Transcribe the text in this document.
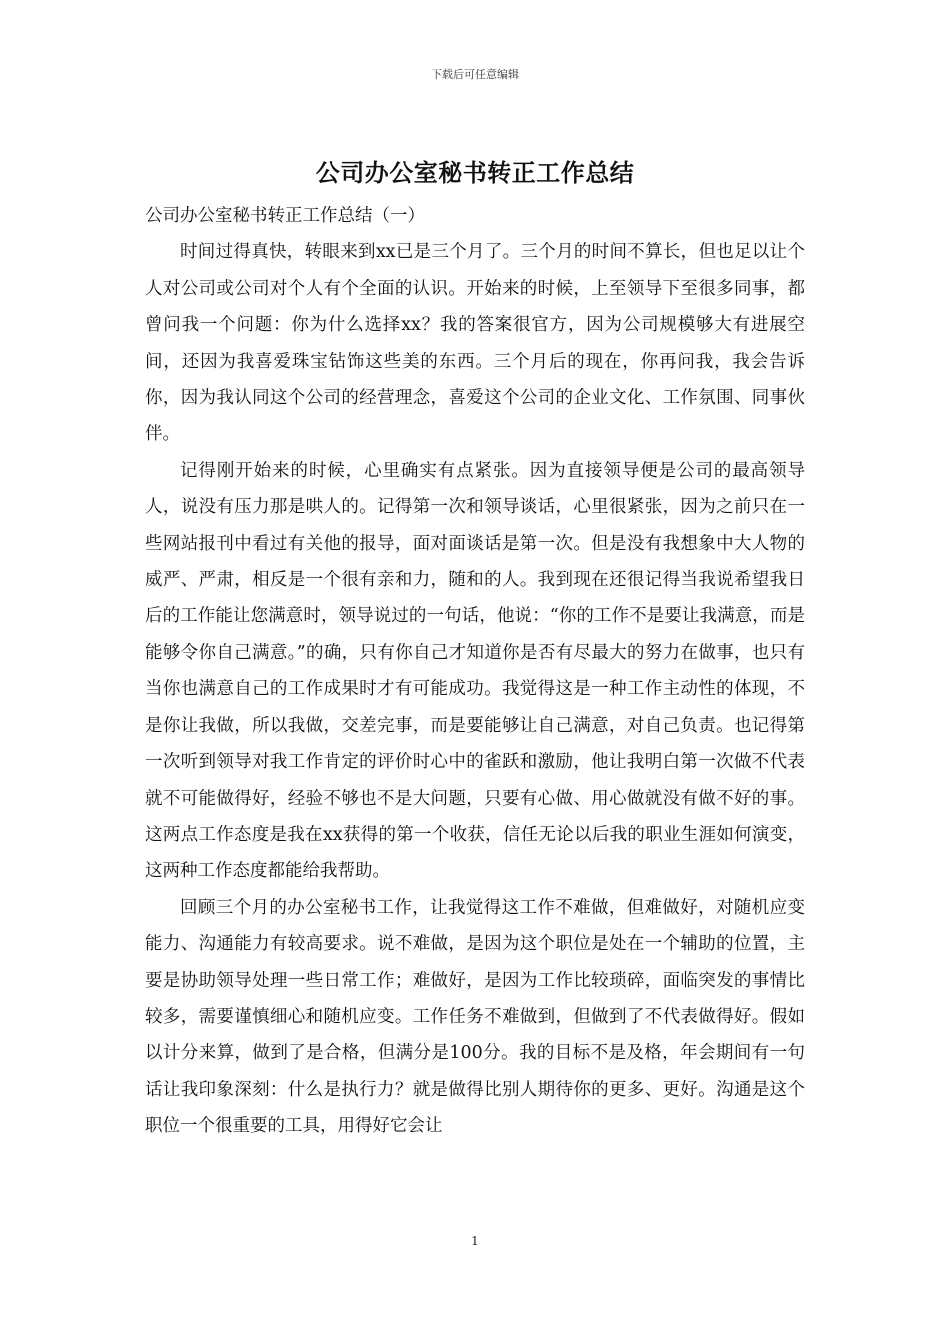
下载后可任意编辑
公司办公室秘书转正工作总结

公司办公室秘书转正工作总结（一）

时间过得真快，转眼来到xx已是三个月了。三个月的时间不算长，但也足以让个人对公司或公司对个人有个全面的认识。开始来的时候，上至领导下至很多同事，都曾问我一个问题：你为什么选择xx？我的答案很官方，因为公司规模够大有进展空间，还因为我喜爱珠宝钻饰这些美的东西。三个月后的现在，你再问我，我会告诉你，因为我认同这个公司的经营理念，喜爱这个公司的企业文化、工作氛围、同事伙伴。

记得刚开始来的时候，心里确实有点紧张。因为直接领导便是公司的最高领导人，说没有压力那是哄人的。记得第一次和领导谈话，心里很紧张，因为之前只在一些网站报刊中看过有关他的报导，面对面谈话是第一次。但是没有我想象中大人物的威严、严肃，相反是一个很有亲和力，随和的人。我到现在还很记得当我说希望我日后的工作能让您满意时，领导说过的一句话，他说：“你的工作不是要让我满意，而是能够令你自己满意。”的确，只有你自己才知道你是否有尽最大的努力在做事，也只有当你也满意自己的工作成果时才有可能成功。我觉得这是一种工作主动性的体现，不是你让我做，所以我做，交差完事，而是要能够让自己满意，对自己负责。也记得第一次听到领导对我工作肯定的评价时心中的雀跃和激励，他让我明白第一次做不代表就不可能做得好，经验不够也不是大问题，只要有心做、用心做就没有做不好的事。这两点工作态度是我在xx获得的第一个收获，信任无论以后我的职业生涯如何演变，这两种工作态度都能给我帮助。

回顾三个月的办公室秘书工作，让我觉得这工作不难做，但难做好，对随机应变能力、沟通能力有较高要求。说不难做，是因为这个职位是处在一个辅助的位置，主要是协助领导处理一些日常工作；难做好，是因为工作比较琐碎，面临突发的事情比较多，需要谨慎细心和随机应变。工作任务不难做到，但做到了不代表做得好。假如以计分来算，做到了是合格，但满分是100分。我的目标不是及格，年会期间有一句话让我印象深刻：什么是执行力？就是做得比别人期待你的更多、更好。沟通是这个职位一个很重要的工具，用得好它会让

1
